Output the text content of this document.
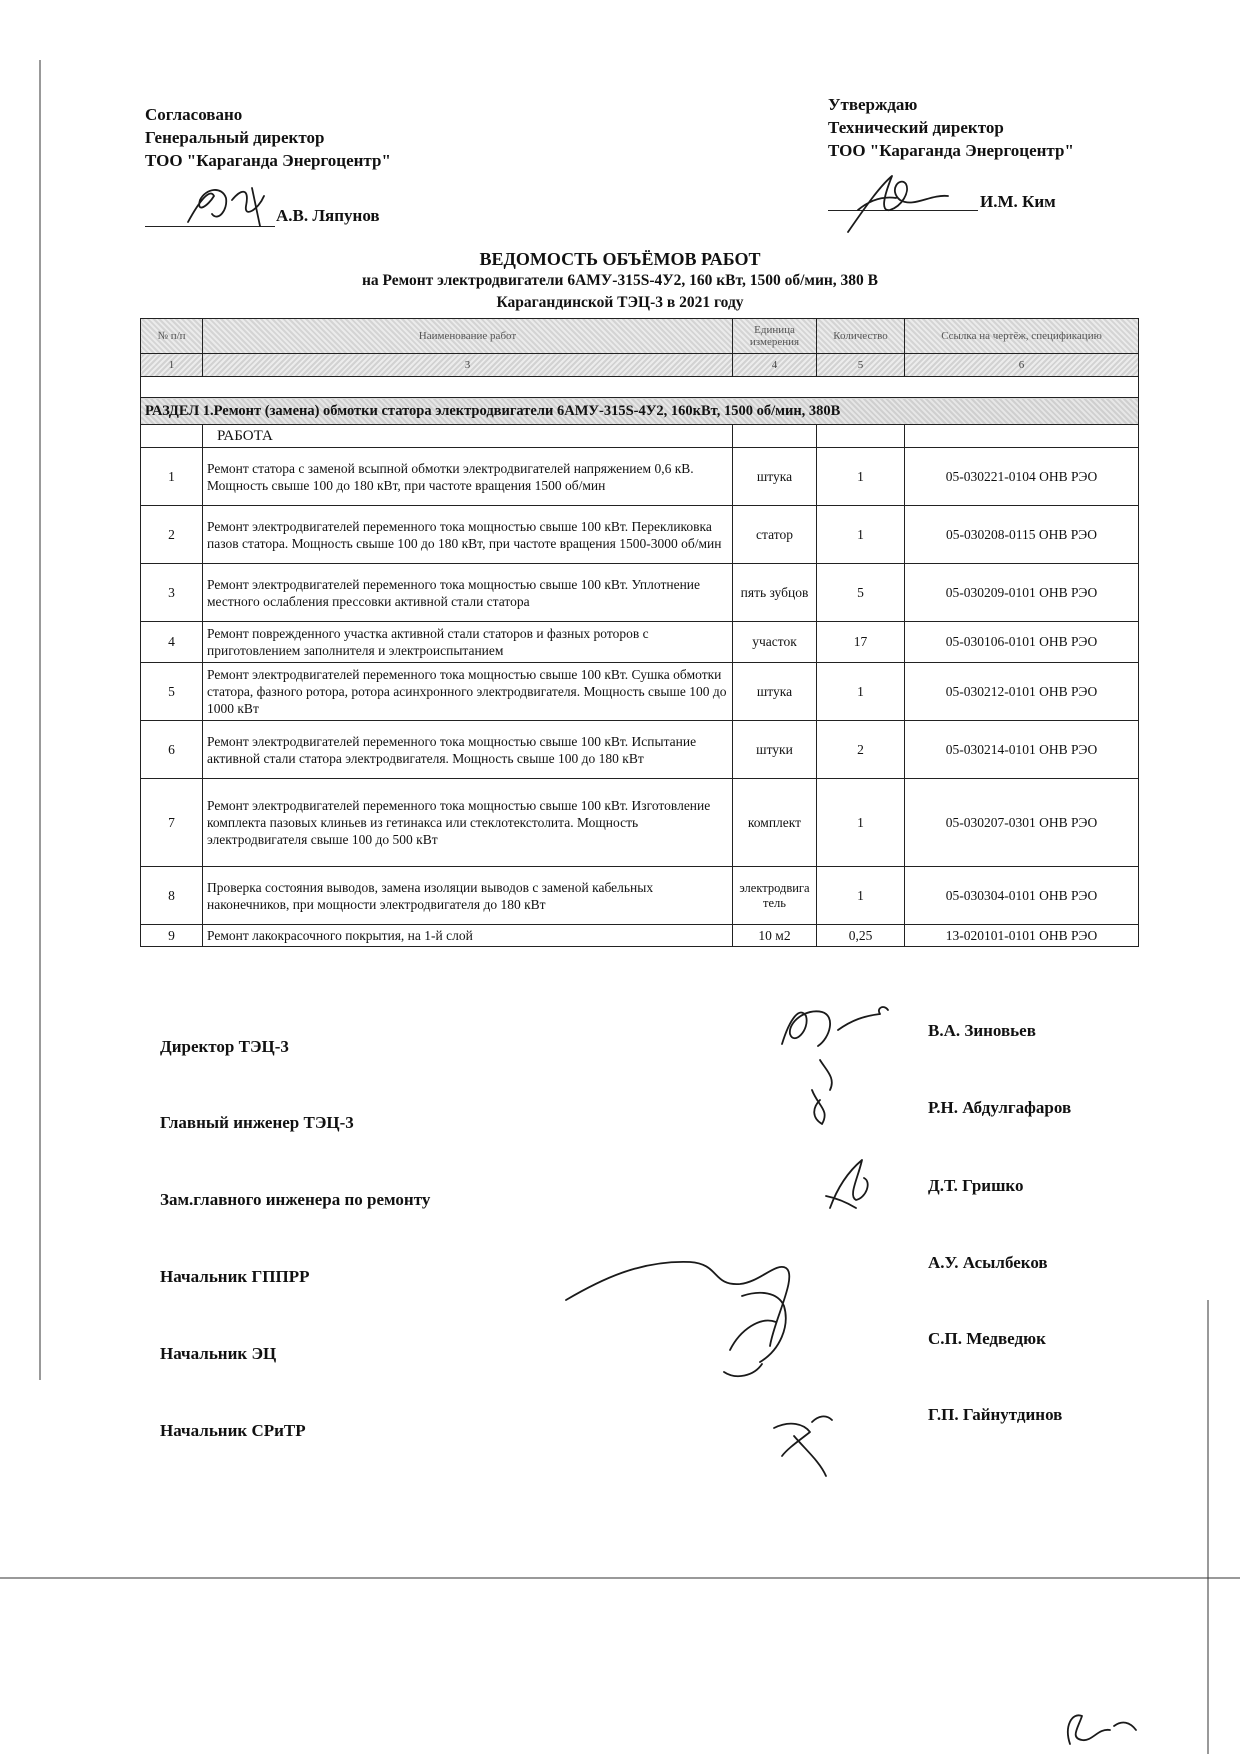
Согласовано
Генеральный директор
ТОО "Караганда Энергоцентр"
А.В. Ляпунов
Утверждаю
Технический директор
ТОО "Караганда Энергоцентр"
И.М. Ким
ВЕДОМОСТЬ ОБЪЁМОВ РАБОТ
на Ремонт электродвигатели 6АМУ-315S-4У2, 160 кВт, 1500 об/мин, 380 В
Карагандинской ТЭЦ-3 в 2021 году
№ п/п	Наименование работ	Единица измерения	Количество	Ссылка на чертёж, спецификацию
1	3	4	5	6

РАЗДЕЛ 1.Ремонт (замена) обмотки статора электродвигатели 6АМУ-315S-4У2, 160кВт, 1500 об/мин, 380В				
	РАБОТА			
1	Ремонт статора с заменой всыпной обмотки электродвигателей напряжением 0,6 кВ. Мощность свыше 100 до 180 кВт, при частоте вращения 1500 об/мин	штука	1	05-030221-0104 ОНВ РЭО
2	Ремонт электродвигателей переменного тока мощностью свыше 100 кВт. Перекликовка пазов статора. Мощность свыше 100 до 180 кВт, при частоте вращения 1500-3000 об/мин	статор	1	05-030208-0115 ОНВ РЭО
3	Ремонт электродвигателей переменного тока мощностью свыше 100 кВт. Уплотнение местного ослабления прессовки активной стали статора	пять зубцов	5	05-030209-0101 ОНВ РЭО
4	Ремонт поврежденного участка активной стали статоров и фазных роторов с приготовлением заполнителя и электроиспытанием	участок	17	05-030106-0101 ОНВ РЭО
5	Ремонт электродвигателей переменного тока мощностью свыше 100 кВт. Сушка обмотки статора, фазного ротора, ротора асинхронного электродвигателя. Мощность свыше 100 до 1000 кВт	штука	1	05-030212-0101 ОНВ РЭО
6	Ремонт электродвигателей переменного тока мощностью свыше 100 кВт. Испытание активной стали статора электродвигателя. Мощность свыше 100 до 180 кВт	штуки	2	05-030214-0101 ОНВ РЭО
7	Ремонт электродвигателей переменного тока мощностью свыше 100 кВт. Изготовление комплекта пазовых клиньев из гетинакса или стеклотекстолита. Мощность электродвигателя свыше 100 до 500 кВт	комплект	1	05-030207-0301 ОНВ РЭО
8	Проверка состояния выводов, замена изоляции выводов с заменой кабельных наконечников, при мощности электродвигателя до 180 кВт	электродвигатель	1	05-030304-0101 ОНВ РЭО
9	Ремонт лакокрасочного покрытия, на 1-й слой	10 м2	0,25	13-020101-0101 ОНВ РЭО
Директор ТЭЦ-3
В.А. Зиновьев
Главный инженер ТЭЦ-3
Р.Н. Абдулгафаров
Зам.главного инженера по ремонту
Д.Т. Гришко
Начальник ГППРР
А.У. Асылбеков
Начальник ЭЦ
С.П. Медведюк
Начальник СРиТР
Г.П. Гайнутдинов
